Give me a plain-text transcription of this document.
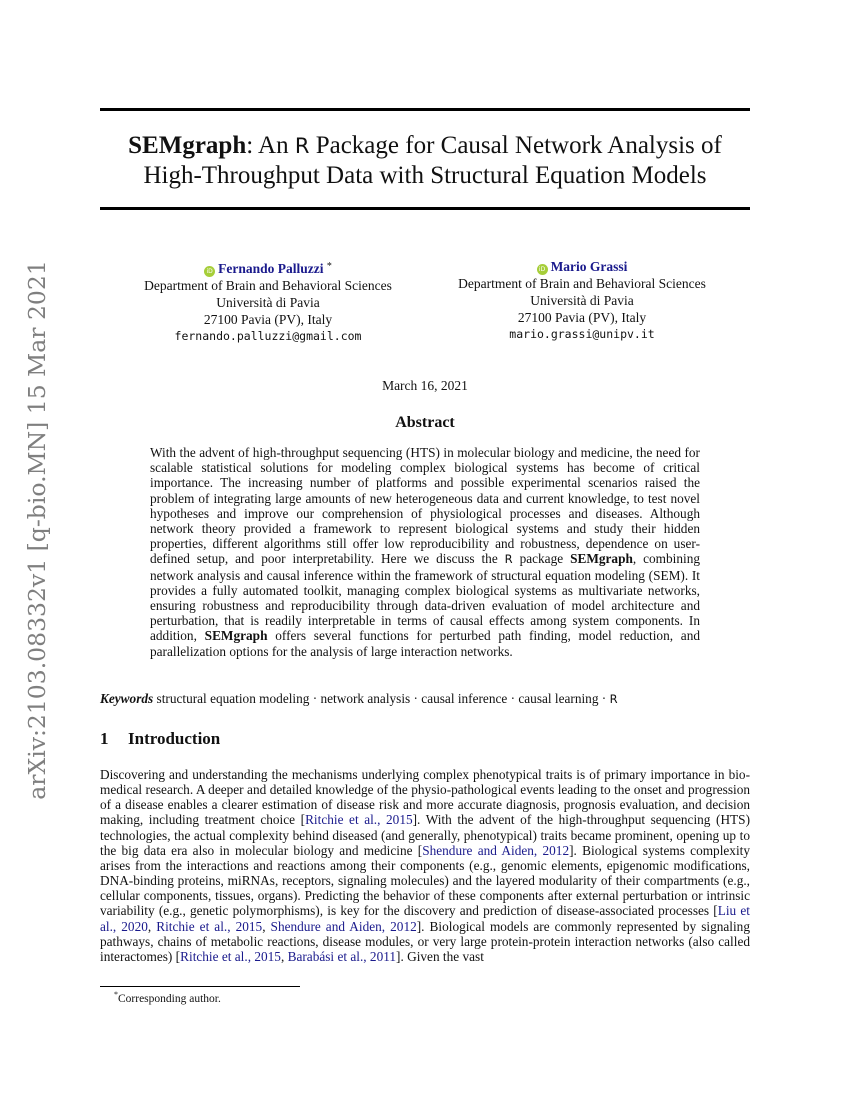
arXiv:2103.08332v1 [q-bio.MN] 15 Mar 2021
SEMgraph: An R Package for Causal Network Analysis of
High-Throughput Data with Structural Equation Models
iD Fernando Palluzzi *
Department of Brain and Behavioral Sciences
Università di Pavia
27100 Pavia (PV), Italy
fernando.palluzzi@gmail.com
iD Mario Grassi
Department of Brain and Behavioral Sciences
Università di Pavia
27100 Pavia (PV), Italy
mario.grassi@unipv.it
March 16, 2021
Abstract
With the advent of high-throughput sequencing (HTS) in molecular biology and medicine, the need for scalable statistical solutions for modeling complex biological systems has become of critical importance. The increasing number of platforms and possible experimental scenarios raised the problem of integrating large amounts of new heterogeneous data and current knowledge, to test novel hypotheses and improve our comprehension of physiological processes and diseases. Although network theory provided a framework to represent biological systems and study their hidden properties, different algorithms still offer low reproducibility and robustness, dependence on user-defined setup, and poor interpretability. Here we discuss the R package SEMgraph, combining network analysis and causal inference within the framework of structural equation modeling (SEM). It provides a fully automated toolkit, managing complex biological systems as multivariate networks, ensuring robustness and reproducibility through data-driven evaluation of model architecture and perturbation, that is readily interpretable in terms of causal effects among system components. In addition, SEMgraph offers several functions for perturbed path finding, model reduction, and parallelization options for the analysis of large interaction networks.
Keywords structural equation modeling · network analysis · causal inference · causal learning · R
1 Introduction
Discovering and understanding the mechanisms underlying complex phenotypical traits is of primary importance in bio-medical research. A deeper and detailed knowledge of the physio-pathological events leading to the onset and progression of a disease enables a clearer estimation of disease risk and more accurate diagnosis, prognosis evaluation, and decision making, including treatment choice [Ritchie et al., 2015]. With the advent of the high-throughput sequencing (HTS) technologies, the actual complexity behind diseased (and generally, phenotypical) traits became prominent, opening up to the big data era also in molecular biology and medicine [Shendure and Aiden, 2012]. Biological systems complexity arises from the interactions and reactions among their components (e.g., genomic elements, epigenomic modifications, DNA-binding proteins, miRNAs, receptors, signaling molecules) and the layered modularity of their compartments (e.g., cellular components, tissues, organs). Predicting the behavior of these components after external perturbation or intrinsic variability (e.g., genetic polymorphisms), is key for the discovery and prediction of disease-associated processes [Liu et al., 2020, Ritchie et al., 2015, Shendure and Aiden, 2012]. Biological models are commonly represented by signaling pathways, chains of metabolic reactions, disease modules, or very large protein-protein interaction networks (also called interactomes) [Ritchie et al., 2015, Barabási et al., 2011]. Given the vast
*Corresponding author.
